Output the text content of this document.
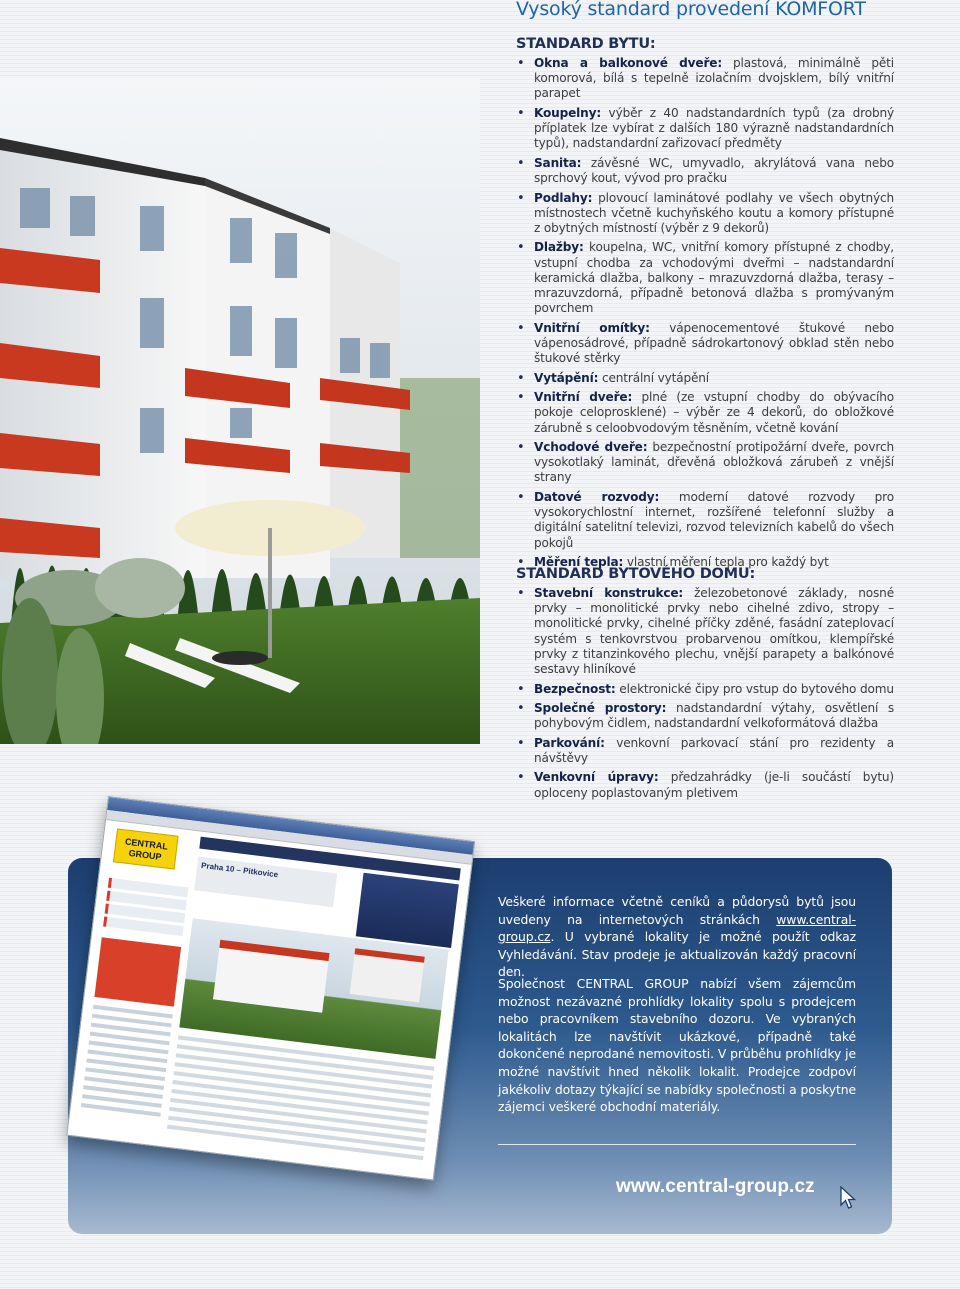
Vysoký standard provedení KOMFORT
STANDARD BYTU:
• Okna a balkonové dveře: plastová, minimálně pěti komorová, bílá s tepelně izolačním dvojsklem, bílý vnitřní parapet
• Koupelny: výběr z 40 nadstandardních typů (za drobný příplatek lze vybírat z dalších 180 výrazně nadstandardních typů), nadstandardní zařizovací předměty
• Sanita: závěsné WC, umyvadlo, akrylátová vana nebo sprchový kout, vývod pro pračku
• Podlahy: plovoucí laminátové podlahy ve všech obytných místnostech včetně kuchyňského koutu a komory přístupné z obytných místností (výběr z 9 dekorů)
• Dlažby: koupelna, WC, vnitřní komory přístupné z chodby, vstupní chodba za vchodovými dveřmi – nadstandardní keramická dlažba, balkony – mrazuvzdorná dlažba, terasy – mrazuvzdorná, případně betonová dlažba s promývaným povrchem
• Vnitřní omítky: vápenocementové štukové nebo vápenosádrové, případně sádrokartonový obklad stěn nebo štukové stěrky
• Vytápění: centrální vytápění
• Vnitřní dveře: plné (ze vstupní chodby do obývacího pokoje celoprosklené) – výběr ze 4 dekorů, do obložkové zárubně s celoobvodovým těsněním, včetně kování
• Vchodové dveře: bezpečnostní protipožární dveře, povrch vysokotlaký laminát, dřevěná obložková zárubeň z vnější strany
• Datové rozvody: moderní datové rozvody pro vysokorychlostní internet, rozšířené telefonní služby a digitální satelitní televizi, rozvod televizních kabelů do všech pokojů
• Měření tepla: vlastní měření tepla pro každý byt
STANDARD BYTOVÉHO DOMU:
• Stavební konstrukce: železobetonové základy, nosné prvky – monolitické prvky nebo cihelné zdivo, stropy – monolitické prvky, cihelné příčky zděné, fasádní zateplovací systém s tenkovrstvou probarvenou omítkou, klempířské prvky z titanzinkového plechu, vnější parapety a balkónové sestavy hliníkové
• Bezpečnost: elektronické čipy pro vstup do bytového domu
• Společné prostory: nadstandardní výtahy, osvětlení s pohybovým čidlem, nadstandardní velkoformátová dlažba
• Parkování: venkovní parkovací stání pro rezidenty a návštěvy
• Venkovní úpravy: předzahrádky (je-li součástí bytu) oploceny poplastovaným pletivem
CENTRAL
GROUP
Praha 10 – Pitkovice

Veškeré informace včetně ceníků a půdorysů bytů jsou uvedeny na internetových stránkách www.central-group.cz. U vybrané lokality je možné použít odkaz Vyhledávání. Stav prodeje je aktualizován každý pracovní den.

Společnost CENTRAL GROUP nabízí všem zájemcům možnost nezávazné prohlídky lokality spolu s prodejcem nebo pracovníkem stavebního dozoru. Ve vybraných lokalitách lze navštívit ukázkové, případně také dokončené neprodané nemovitosti. V průběhu prohlídky je možné navštívit hned několik lokalit. Prodejce zodpoví jakékoliv dotazy týkající se nabídky společnosti a poskytne zájemci veškeré obchodní materiály.

www.central-group.cz
